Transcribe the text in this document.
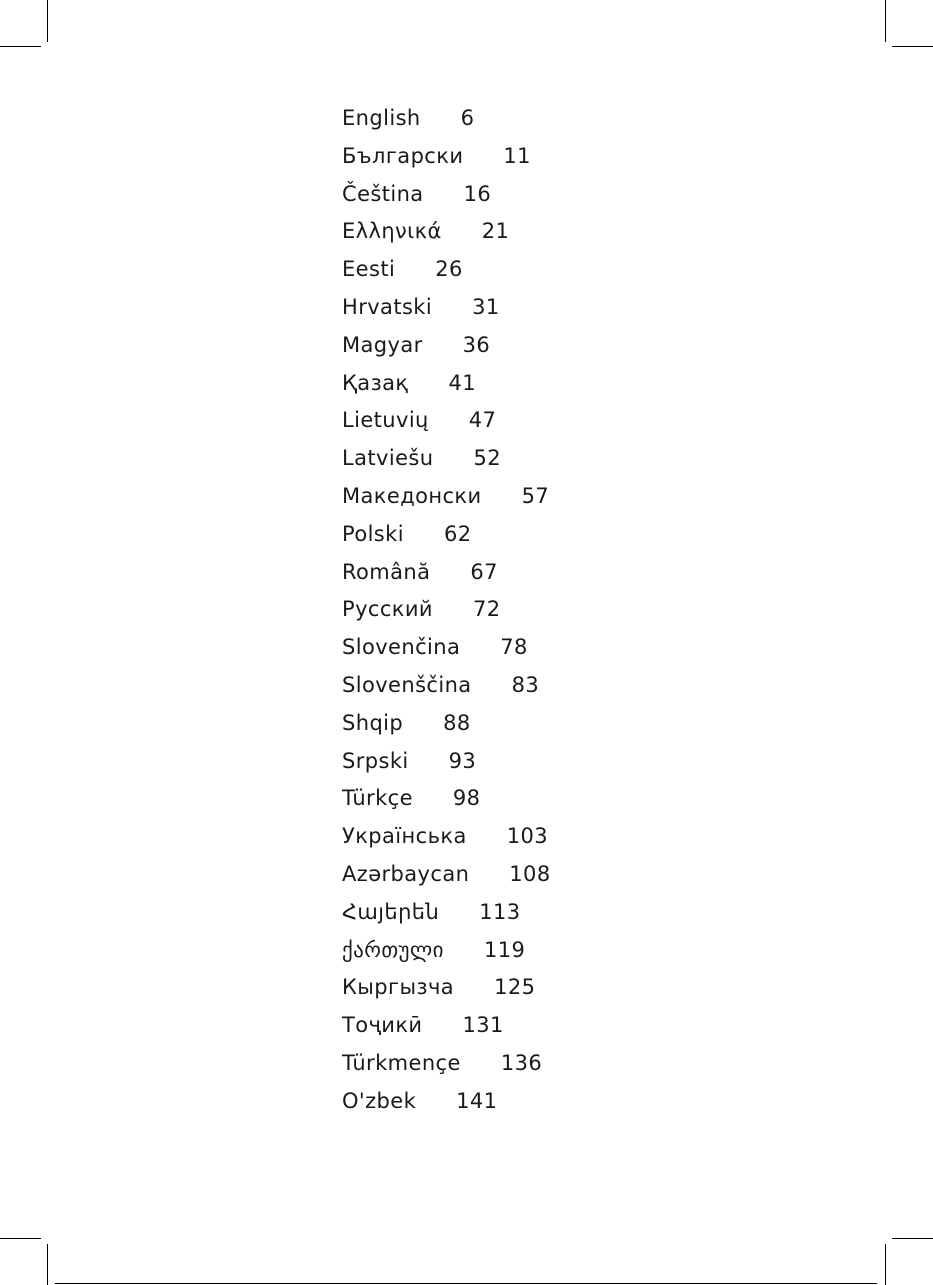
English 6
Български 11
Čeština 16
Ελληνικά 21
Eesti 26
Hrvatski 31
Magyar 36
Қазақ 41
Lietuvių 47
Latviešu 52
Македонски 57
Polski 62
Română 67
Русский 72
Slovenčina 78
Slovenščina 83
Shqip 88
Srpski 93
Türkçe 98
Українська 103
Azərbaycan 108
Հայերեն 113
ქართული 119
Кыргызча 125
Тоҷикӣ 131
Türkmençe 136
O'zbek 141
